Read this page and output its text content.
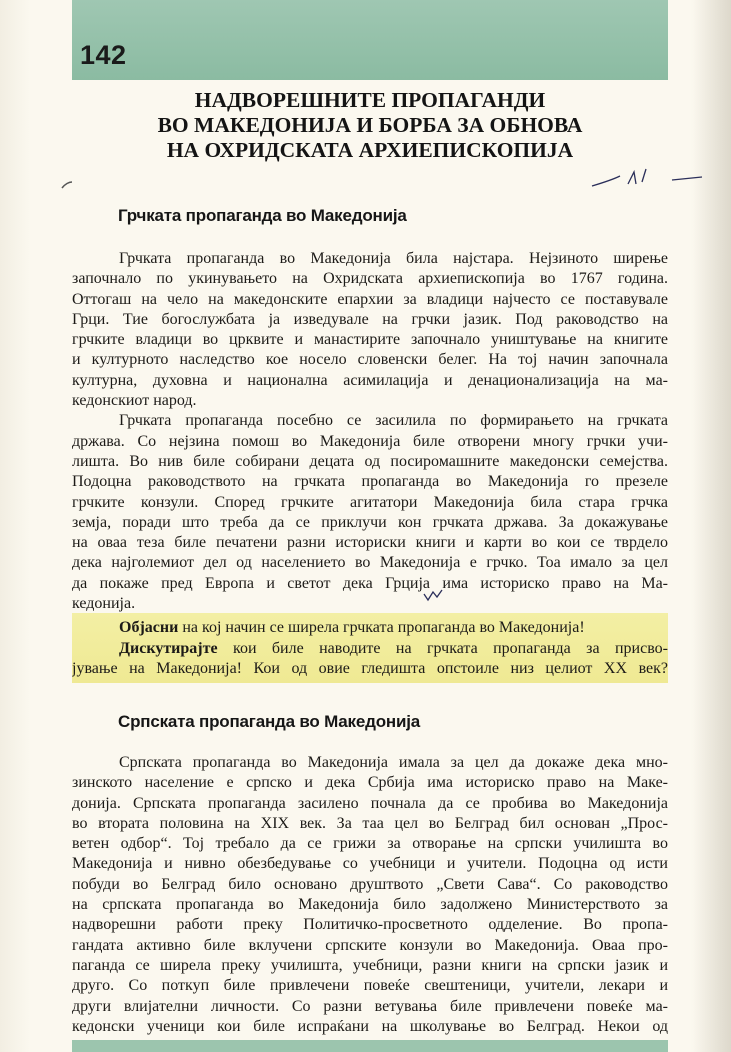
142
НАДВОРЕШНИТЕ ПРОПАГАНДИ
ВО МАКЕДОНИЈА И БОРБА ЗА ОБНОВА
НА ОХРИДСКАТА АРХИЕПИСКОПИЈА
Грчката пропаганда во Македонија
Грчката пропаганда во Македонија била најстара. Нејзиното ширење
започнало по укинувањето на Охридската архиепископија во 1767 година.
Оттогаш на чело на македонските епархии за владици најчесто се поставувале
Грци. Тие богослужбата ја изведувале на грчки јазик. Под раководство на
грчките владици во црквите и манастирите започнало уништување на книгите
и културното наследство кое носело словенски белег. На тој начин започнала
културна, духовна и национална асимилација и денационализација на ма-
кедонскиот народ.
Грчката пропаганда посебно се засилила по формирањето на грчката
држава. Со нејзина помош во Македонија биле отворени многу грчки учи-
лишта. Во нив биле собирани децата од посиромашните македонски семејства.
Подоцна раководството на грчката пропаганда во Македонија го презеле
грчките конзули. Според грчките агитатори Македонија била стара грчка
земја, поради што треба да се приклучи кон грчката држава. За докажување
на оваа теза биле печатени разни историски книги и карти во кои се тврдело
дека најголемиот дел од населението во Македонија е грчко. Тоа имало за цел
да покаже пред Европа и светот дека Грција има историско право на Ма-
кедонија.
Објасни на кој начин се ширела грчката пропаганда во Македонија!
Дискутирајте кои биле наводите на грчката пропаганда за присво-
јување на Македонија! Кои од овие гледишта опстоиле низ целиот XX век?
Српската пропаганда во Македонија
Српската пропаганда во Македонија имала за цел да докаже дека мно-
зинското население е српско и дека Србија има историско право на Маке-
донија. Српската пропаганда засилено почнала да се пробива во Македонија
во втората половина на XIX век. За таа цел во Белград бил основан „Прос-
ветен одбор“. Тој требало да се грижи за отворање на српски училишта во
Македонија и нивно обезбедување со учебници и учители. Подоцна од исти
побуди во Белград било основано друштвото „Свети Сава“. Со раководство
на српската пропаганда во Македонија било задолжено Министерството за
надворешни работи преку Политичко-просветното одделение. Во пропа-
гандата активно биле вклучени српските конзули во Македонија. Оваа про-
паганда се ширела преку училишта, учебници, разни книги на српски јазик и
друго. Со поткуп биле привлечени повеќе свештеници, учители, лекари и
други влијателни личности. Со разни ветувања биле привлечени повеќе ма-
кедонски ученици кои биле испраќани на школување во Белград. Некои од
